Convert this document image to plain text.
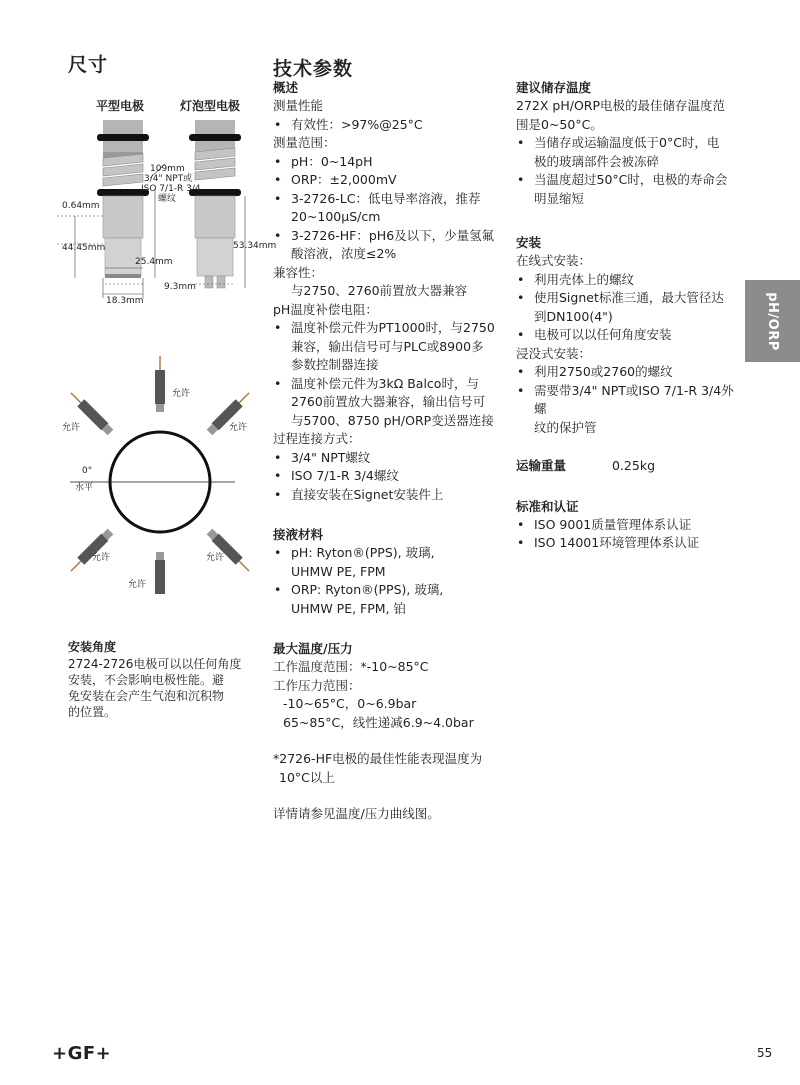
尺寸
平型电极	灯泡型电极
109mm
3/4" NPT或
ISO 7/1-R 3/4
螺纹
0.64mm
44.45mm
25.4mm
9.3mm
18.3mm
53.34mm
允许
允许	允许
0°
水平
允许	允许
允许
安装角度
2724-2726电极可以以任何角度
安装，不会影响电极性能。避
免安装在会产生气泡和沉积物
的位置。
技术参数
概述
测量性能
• 有效性：>97%@25°C
测量范围：
• pH：0~14pH
• ORP：±2,000mV
• 3-2726-LC：低电导率溶液，推荐
20~100μS/cm
• 3-2726-HF：pH6及以下，少量氢氟
酸溶液，浓度≤2%
兼容性：
与2750、2760前置放大器兼容
pH温度补偿电阻：
• 温度补偿元件为PT1000时，与2750
兼容，输出信号可与PLC或8900多
参数控制器连接
• 温度补偿元件为3kΩ Balco时，与
2760前置放大器兼容，输出信号可
与5700、8750 pH/ORP变送器连接
过程连接方式：
• 3/4" NPT螺纹
• ISO 7/1-R 3/4螺纹
• 直接安装在Signet安装件上
接液材料
• pH: Ryton®(PPS), 玻璃,
UHMW PE, FPM
• ORP: Ryton®(PPS), 玻璃,
UHMW PE, FPM, 铂
最大温度/压力
工作温度范围：*-10~85°C
工作压力范围：
-10~65°C，0~6.9bar
65~85°C，线性递减6.9~4.0bar
*2726-HF电极的最佳性能表现温度为
10°C以上
详情请参见温度/压力曲线图。
建议储存温度
272X pH/ORP电极的最佳储存温度范
围是0~50°C。
• 当储存或运输温度低于0°C时，电
极的玻璃部件会被冻碎
• 当温度超过50°C时，电极的寿命会
明显缩短
安装
在线式安装：
• 利用壳体上的螺纹
• 使用Signet标准三通，最大管径达
到DN100(4")
• 电极可以以任何角度安装
浸没式安装：
• 利用2750或2760的螺纹
• 需要带3/4" NPT或ISO 7/1-R 3/4外螺
纹的保护管
运输重量	0.25kg
标准和认证
• ISO 9001质量管理体系认证
• ISO 14001环境管理体系认证
pH/ORP
+GF+	55
